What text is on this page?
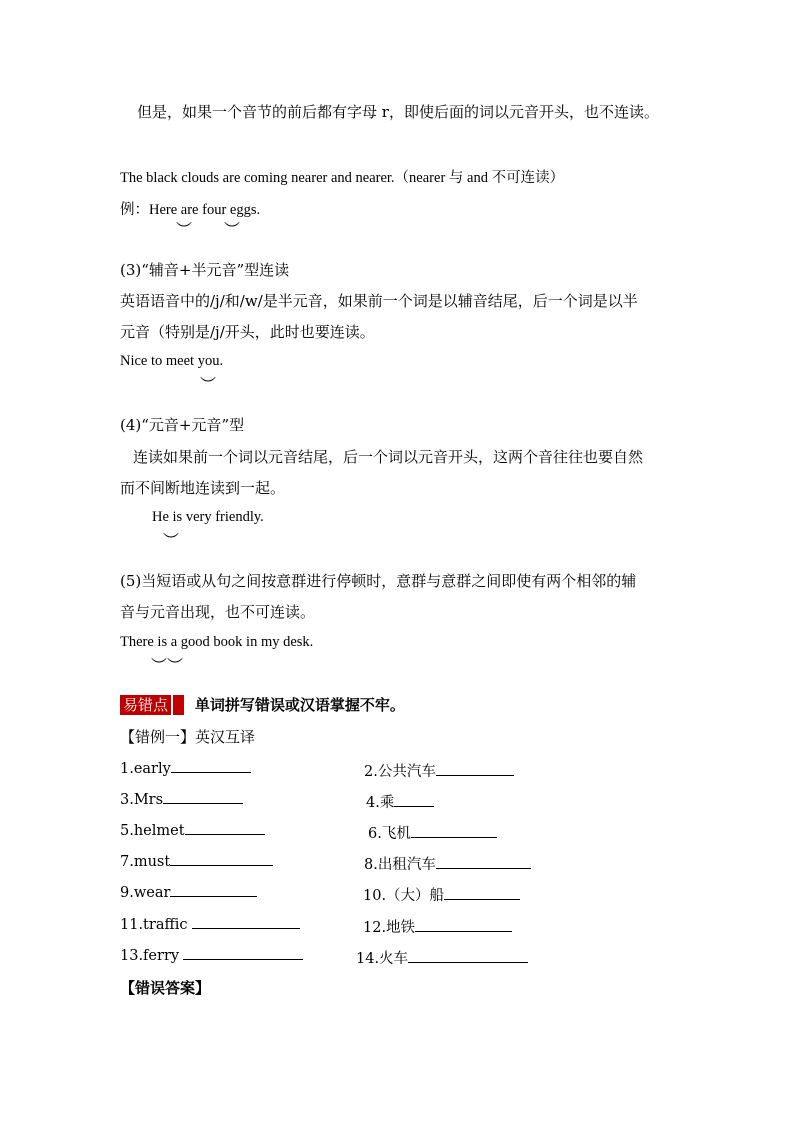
但是，如果一个音节的前后都有字母 r，即使后面的词以元音开头，也不连读。
The black clouds are coming nearer and nearer.（nearer 与 and 不可连读）
例：Here are four eggs.
︶ ︶
(3)“辅音+半元音”型连读
英语语音中的/j/和/w/是半元音，如果前一个词是以辅音结尾，后一个词是以半
元音（特别是/j/开头，此时也要连读。
Nice to meet you.
︶
(4)“元音+元音”型
连读如果前一个词以元音结尾，后一个词以元音开头，这两个音往往也要自然
而不间断地连读到一起。
He is very friendly.
︶
(5)当短语或从句之间按意群进行停顿时，意群与意群之间即使有两个相邻的辅
音与元音出现，也不可连读。
There is a good book in my desk.
︶︶
易错点 单词拼写错误或汉语掌握不牢。
【错例一】英汉互译
1.early	2.公共汽车
3.Mrs	4.乘
5.helmet	6.飞机
7.must	8.出租汽车
9.wear	10.（大）船
11.traffic	12.地铁
13.ferry	14.火车
【错误答案】
